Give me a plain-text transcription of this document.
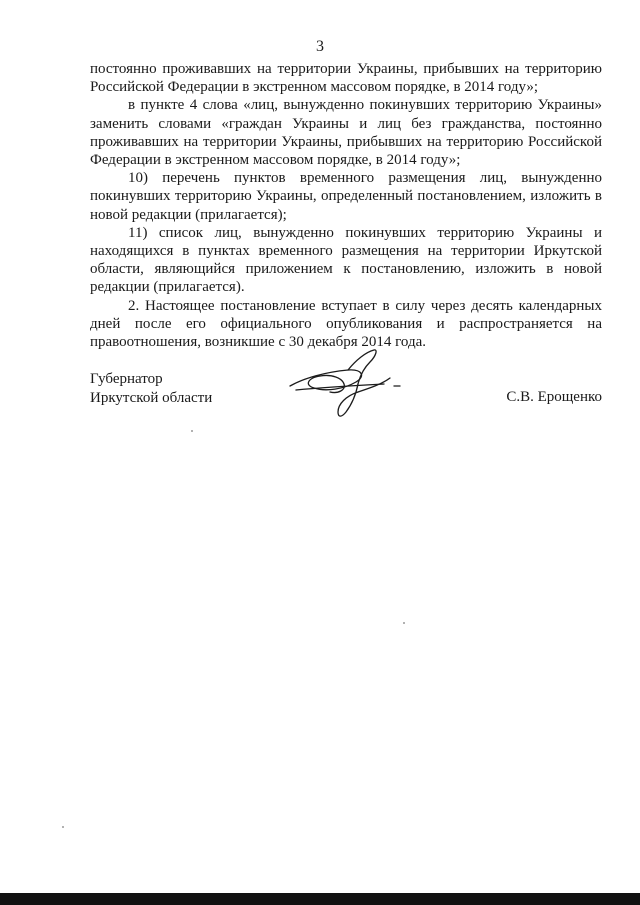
3

постоянно проживавших на территории Украины, прибывших на территорию Российской Федерации в экстренном массовом порядке, в 2014 году»;

в пункте 4 слова «лиц, вынужденно покинувших территорию Украины» заменить словами «граждан Украины и лиц без гражданства, постоянно проживавших на территории Украины, прибывших на территорию Российской Федерации в экстренном массовом порядке, в 2014 году»;

10) перечень пунктов временного размещения лиц, вынужденно покинувших территорию Украины, определенный постановлением, изложить в новой редакции (прилагается);

11) список лиц, вынужденно покинувших территорию Украины и находящихся в пунктах временного размещения на территории Иркутской области, являющийся приложением к постановлению, изложить в новой редакции (прилагается).

2. Настоящее постановление вступает в силу через десять календарных дней после его официального опубликования и распространяется на правоотношения, возникшие с 30 декабря 2014 года.

Губернатор
Иркутской области	С.В. Ерощенко
